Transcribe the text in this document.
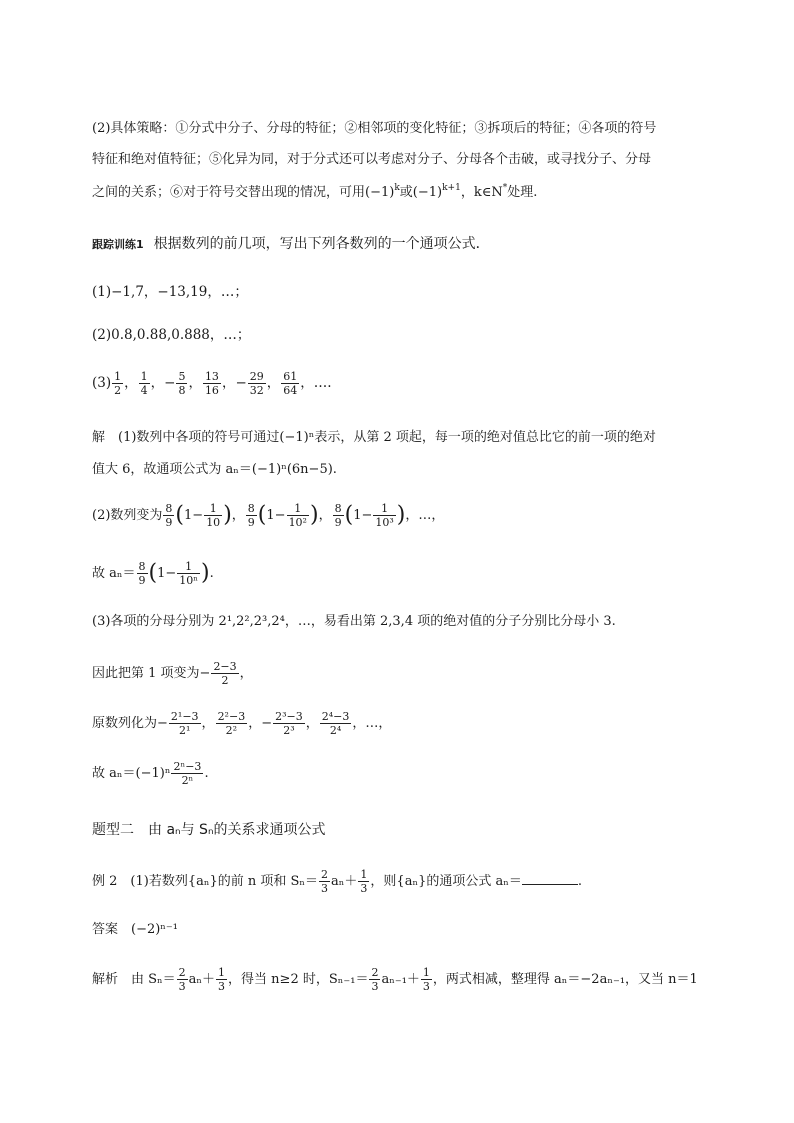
(2)具体策略：①分式中分子、分母的特征；②相邻项的变化特征；③拆项后的特征；④各项的符号
特征和绝对值特征；⑤化异为同，对于分式还可以考虑对分子、分母各个击破，或寻找分子、分母
之间的关系；⑥对于符号交替出现的情况，可用$(-1)^k$或$(-1)^{k+1}$，k∈N*处理.
跟踪训练1 根据数列的前几项，写出下列各数列的一个通项公式．
(1)−1,7，−13,19，…；
(2)0.8,0.88,0.888，…；
$(3) \frac{1}{2}$ ， $\frac{1}{4}$ ，− $\frac{5}{8}$ ， $\frac{13}{16}$ ，− $\frac{29}{32}$ ， $\frac{61}{64}$ ，….
解　(1)数列中各项的符号可通过(−1)ⁿ表示，从第 2 项起，每一项的绝对值总比它的前一项的绝对
值大 6，故通项公式为 aₙ＝(−1)ⁿ(6n−5).
(2)数列变为 $\frac{8}{9} (1- \frac{1}{10}$ )， $\frac{8}{9} (1- \frac{1}{\text{10²}}$ )， $\frac{8}{9} (1- \frac{1}{\text{10³}}$ )，…，
故 $a_n= \frac{8}{9} (1- \frac{1}{\text{10ⁿ}}$ ).
(3)各项的分母分别为 2¹,2²,2³,2⁴，…，易看出第 2,3,4 项的绝对值的分子分别比分母小 3.
因此把第 1 项变为− $\frac{2-3}{2}$ ，
原数列化为− $\frac{\text{2¹−3}}{\text{2¹}}$ ， $\frac{\text{2²−3}}{\text{2²}}$ ，− $\frac{\text{2³−3}}{\text{2³}}$ ， $\frac{\text{2⁴−3}}{\text{2⁴}}$ ，…，
故 $a_n=(-1)^n \frac{\text{2ⁿ−3}}{\text{2ⁿ}}$ .
题型二　由 aₙ与 Sₙ的关系求通项公式
例 2　(1)若数列{aₙ}的前 n 项和 $S_n= \frac{2}{3} a_n+ \frac{1}{3}$ ，则{aₙ}的通项公式 aₙ＝	.
答案　(−2)ⁿ⁻¹
解析　由 $S_n= \frac{2}{3} a_n+ \frac{1}{3}$ ，得当 n≥2 时，$S_{n-1}= \frac{2}{3} a_{n-1}+ \frac{1}{3}$ ，两式相减，整理得 aₙ＝−2aₙ₋₁，又当 n＝1
